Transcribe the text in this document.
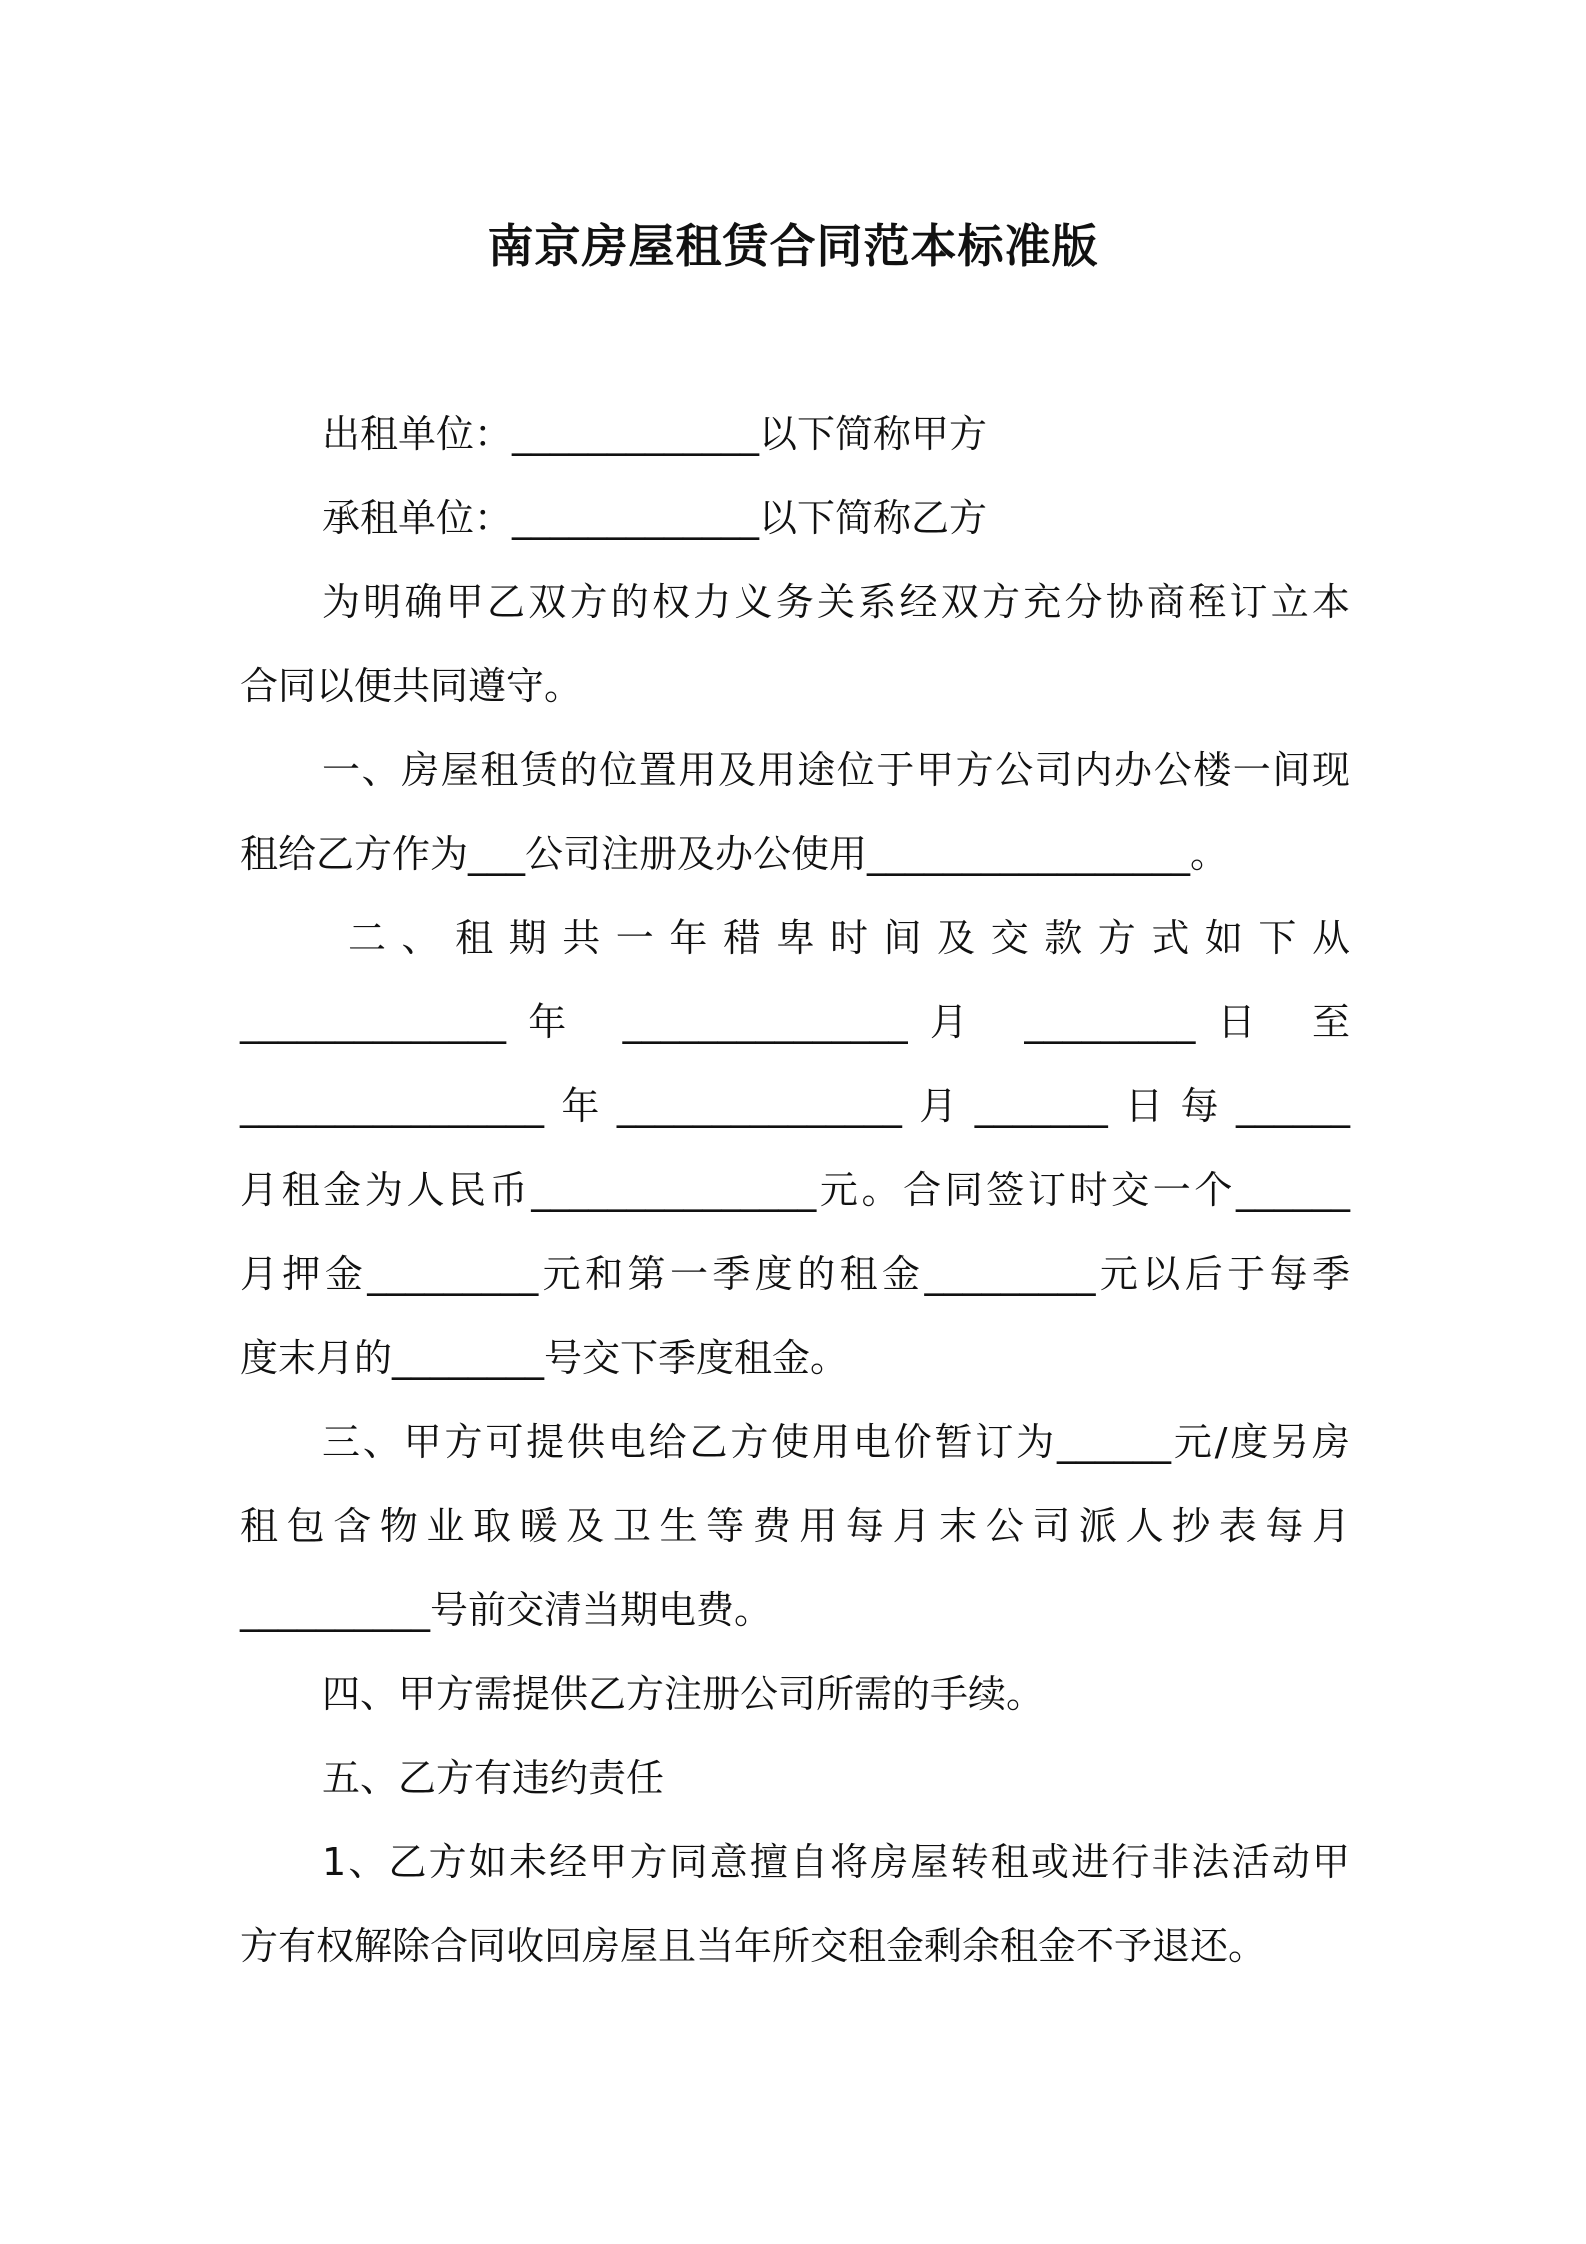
南京房屋租赁合同范本标准版

出租单位：_____________以下简称甲方

承租单位：_____________以下简称乙方

为明确甲乙双方的权力义务关系经双方充分协商秷订立本

合同以便共同遵守。

一、房屋租赁的位置用及用途位于甲方公司内办公楼一间现

租给乙方作为___公司注册及办公使用_________________。

二、租期共一年稓卑时间及交款方式如下从

______________年 _______________月 _________日 至

________________年_______________月_______日每______

月租金为人民币_______________元。合同签订时交一个______

月押金_________元和第一季度的租金_________元以后于每季

度末月的________号交下季度租金。

三、甲方可提供电给乙方使用电价暂订为______元/度另房

租包含物业取暖及卫生等费用每月末公司派人抄表每月

__________号前交清当期电费。

四、甲方需提供乙方注册公司所需的手续。

五、乙方有违约责任

1、乙方如未经甲方同意擅自将房屋转租或进行非法活动甲

方有权解除合同收回房屋且当年所交租金剩余租金不予退还。
